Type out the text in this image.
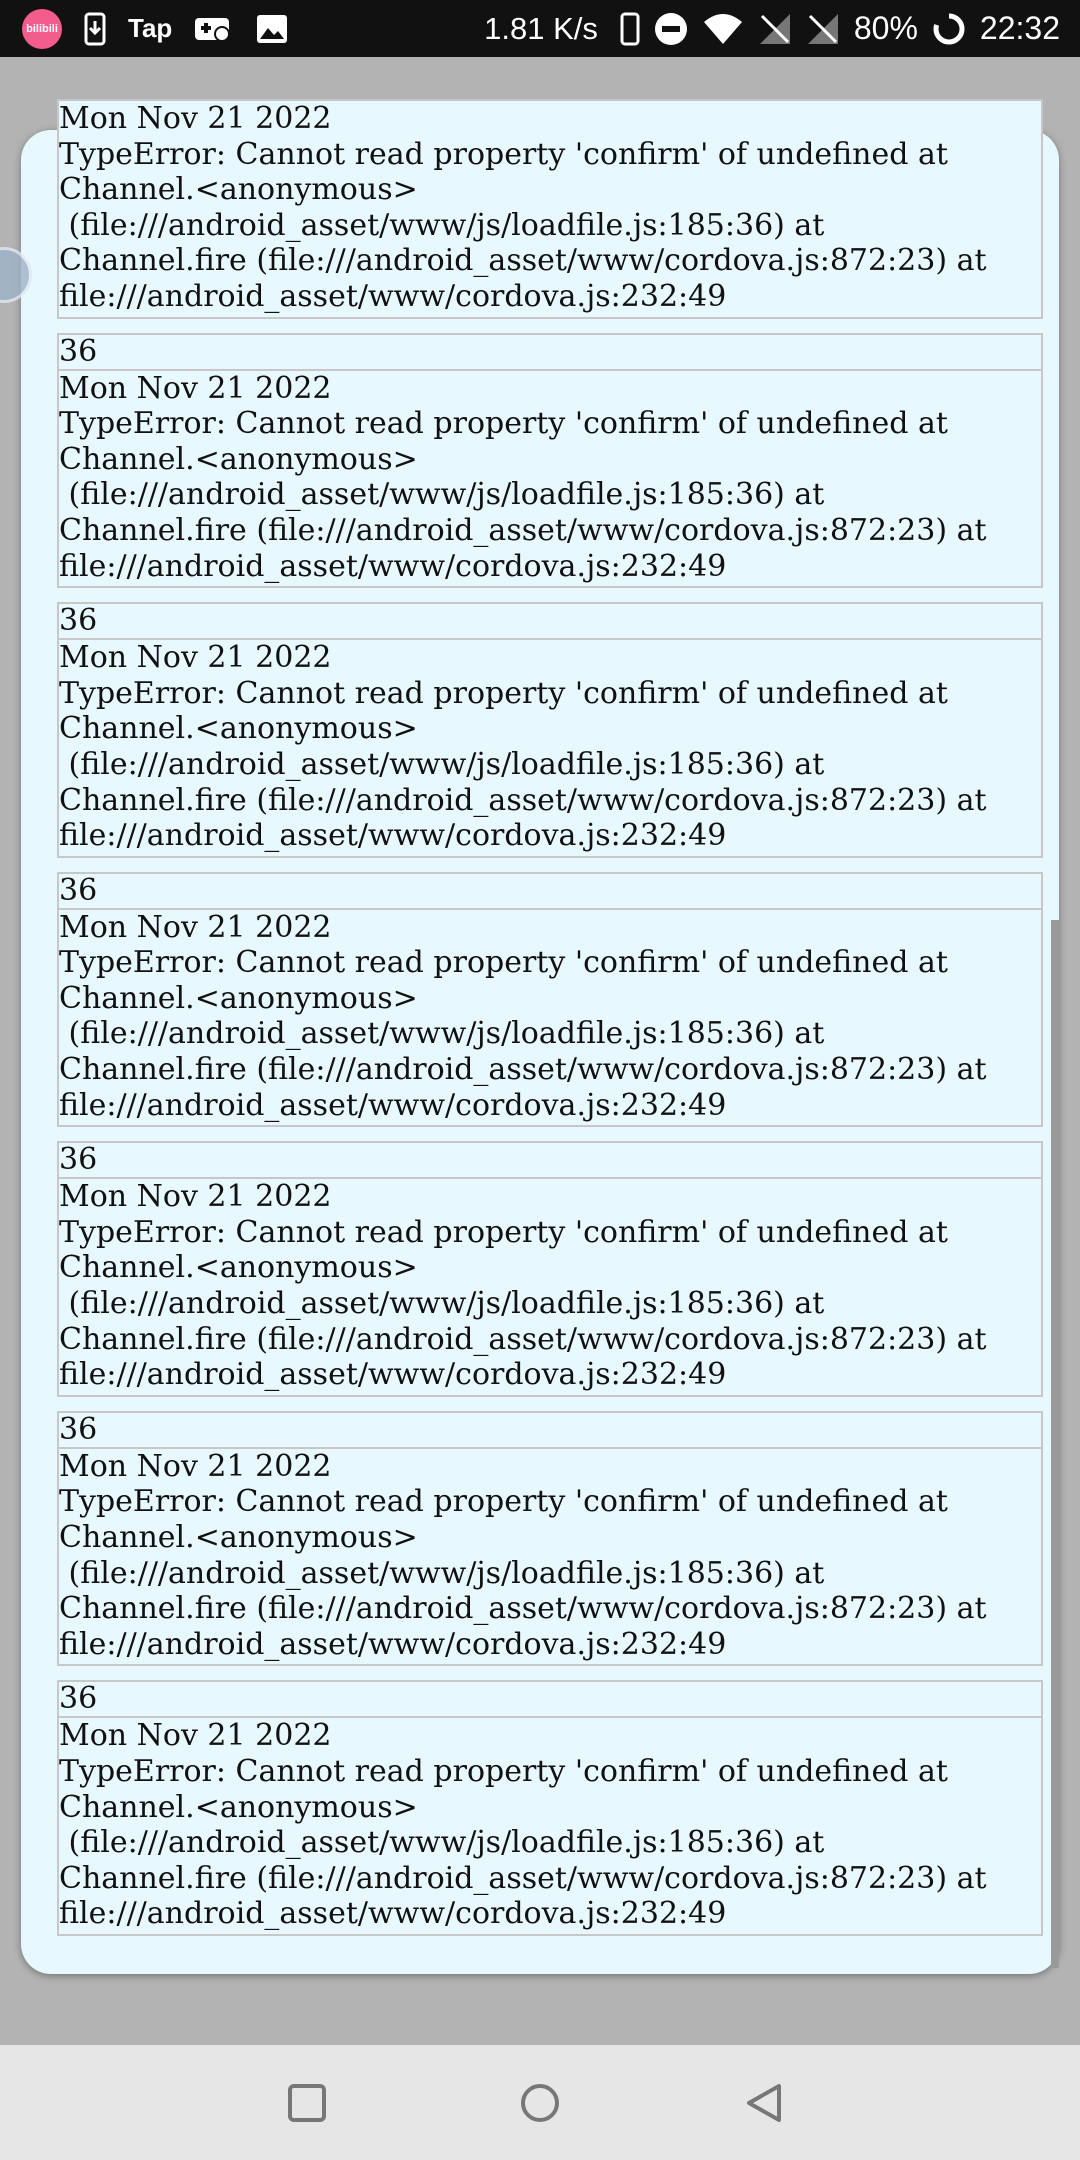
bilibili	Tap	1.81 K/s	80% 22:32
Mon Nov 21 2022
TypeError: Cannot read property 'confirm' of undefined at
Channel.<anonymous>
(file:///android_asset/www/js/loadfile.js:185:36) at
Channel.fire (file:///android_asset/www/cordova.js:872:23) at
file:///android_asset/www/cordova.js:232:49
36
Mon Nov 21 2022
TypeError: Cannot read property 'confirm' of undefined at
Channel.<anonymous>
(file:///android_asset/www/js/loadfile.js:185:36) at
Channel.fire (file:///android_asset/www/cordova.js:872:23) at
file:///android_asset/www/cordova.js:232:49
36
Mon Nov 21 2022
TypeError: Cannot read property 'confirm' of undefined at
Channel.<anonymous>
(file:///android_asset/www/js/loadfile.js:185:36) at
Channel.fire (file:///android_asset/www/cordova.js:872:23) at
file:///android_asset/www/cordova.js:232:49
36
Mon Nov 21 2022
TypeError: Cannot read property 'confirm' of undefined at
Channel.<anonymous>
(file:///android_asset/www/js/loadfile.js:185:36) at
Channel.fire (file:///android_asset/www/cordova.js:872:23) at
file:///android_asset/www/cordova.js:232:49
36
Mon Nov 21 2022
TypeError: Cannot read property 'confirm' of undefined at
Channel.<anonymous>
(file:///android_asset/www/js/loadfile.js:185:36) at
Channel.fire (file:///android_asset/www/cordova.js:872:23) at
file:///android_asset/www/cordova.js:232:49
36
Mon Nov 21 2022
TypeError: Cannot read property 'confirm' of undefined at
Channel.<anonymous>
(file:///android_asset/www/js/loadfile.js:185:36) at
Channel.fire (file:///android_asset/www/cordova.js:872:23) at
file:///android_asset/www/cordova.js:232:49
36
Mon Nov 21 2022
TypeError: Cannot read property 'confirm' of undefined at
Channel.<anonymous>
(file:///android_asset/www/js/loadfile.js:185:36) at
Channel.fire (file:///android_asset/www/cordova.js:872:23) at
file:///android_asset/www/cordova.js:232:49
